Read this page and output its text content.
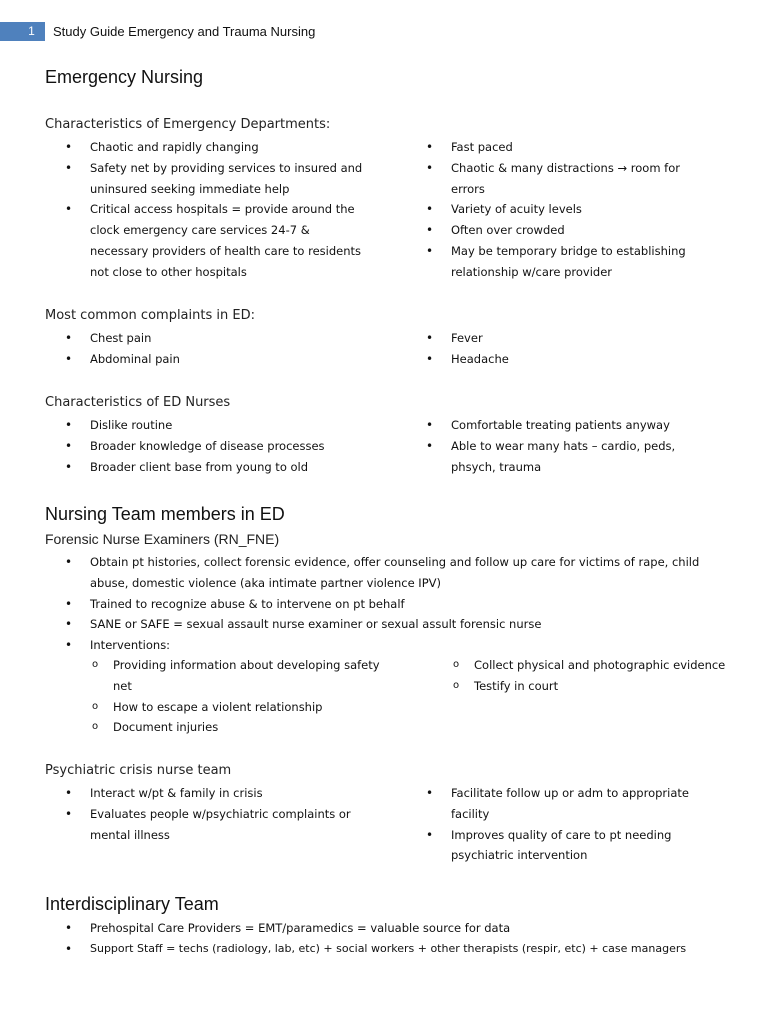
1	Study Guide Emergency and Trauma Nursing
Emergency Nursing
Characteristics of Emergency Departments:
• Chaotic and rapidly changing
• Safety net by providing services to insured and uninsured seeking immediate help
• Critical access hospitals = provide around the clock emergency care services 24-7 & necessary providers of health care to residents not close to other hospitals
• Fast paced
• Chaotic & many distractions → room for errors
• Variety of acuity levels
• Often over crowded
• May be temporary bridge to establishing relationship w/care provider
Most common complaints in ED:
• Chest pain
• Abdominal pain
• Fever
• Headache
Characteristics of ED Nurses
• Dislike routine
• Broader knowledge of disease processes
• Broader client base from young to old
• Comfortable treating patients anyway
• Able to wear many hats – cardio, peds, phsych, trauma
Nursing Team members in ED
Forensic Nurse Examiners (RN_FNE)
• Obtain pt histories, collect forensic evidence, offer counseling and follow up care for victims of rape, child abuse, domestic violence (aka intimate partner violence IPV)
• Trained to recognize abuse & to intervene on pt behalf
• SANE or SAFE = sexual assault nurse examiner or sexual assult forensic nurse
• Interventions:
o Providing information about developing safety net
o How to escape a violent relationship
o Document injuries
o Collect physical and photographic evidence
o Testify in court
Psychiatric crisis nurse team
• Interact w/pt & family in crisis
• Evaluates people w/psychiatric complaints or mental illness
• Facilitate follow up or adm to appropriate facility
• Improves quality of care to pt needing psychiatric intervention
Interdisciplinary Team
• Prehospital Care Providers = EMT/paramedics = valuable source for data
• Support Staff = techs (radiology, lab, etc) + social workers + other therapists (respir, etc) + case managers
